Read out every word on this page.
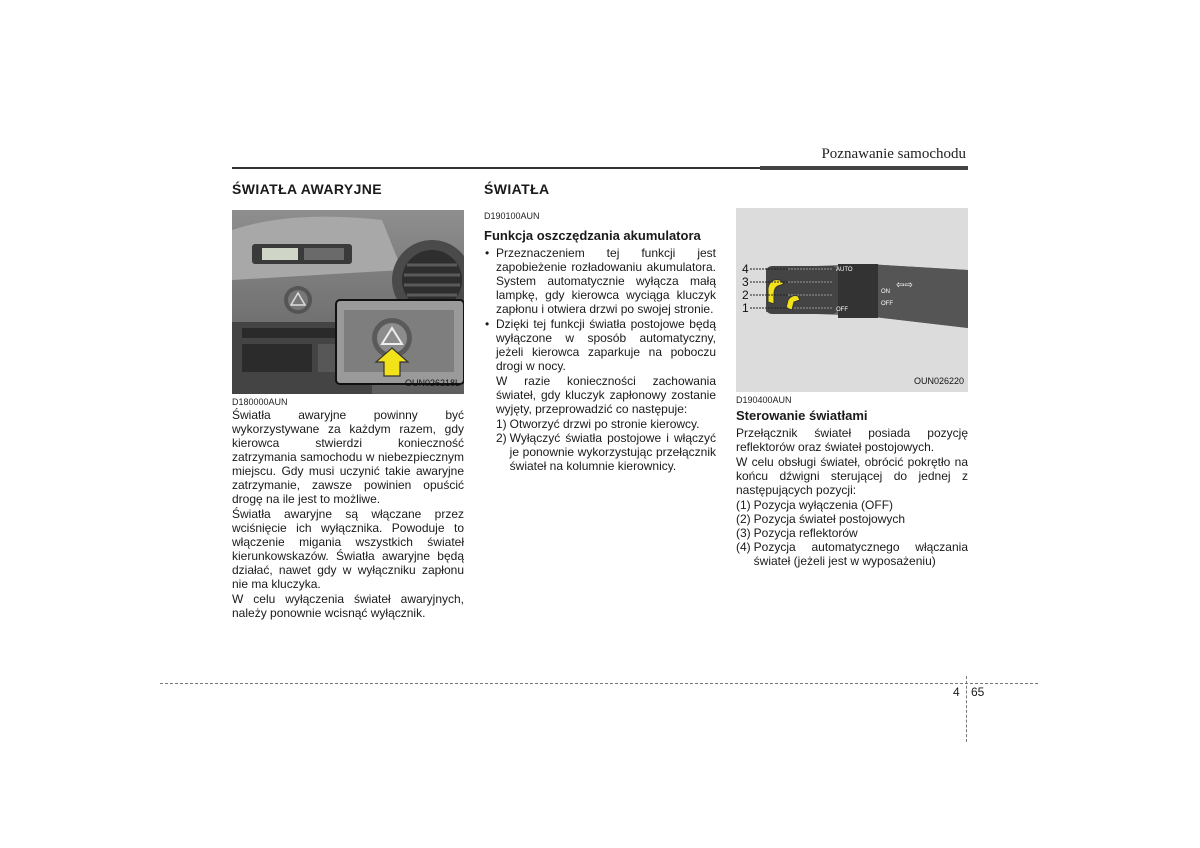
Poznawanie samochodu
ŚWIATŁA AWARYJNE
OUN026218L
D180000AUN

Światła awaryjne powinny być wykorzystywane za każdym razem, gdy kierowca stwierdzi konieczność zatrzymania samochodu w niebezpiecznym miejscu. Gdy musi uczynić takie awaryjne zatrzymanie, zawsze powinien opuścić drogę na ile jest to możliwe.

Światła awaryjne są włączane przez wciśnięcie ich wyłącznika. Powoduje to włączenie migania wszystkich świateł kierunkowskazów. Światła awaryjne będą działać, nawet gdy w wyłączniku zapłonu nie ma kluczyka.

W celu wyłączenia świateł awaryjnych, należy ponownie wcisnąć wyłącznik.

ŚWIATŁA
D190100AUN
Funkcja oszczędzania akumulatora
• Przeznaczeniem tej funkcji jest zapobieżenie rozładowaniu akumulatora. System automatycznie wyłącza małą lampkę, gdy kierowca wyciąga kluczyk zapłonu i otwiera drzwi po swojej stronie.
• Dzięki tej funkcji światła postojowe będą wyłączone w sposób automatyczny, jeżeli kierowca zaparkuje na poboczu drogi w nocy.

W razie konieczności zachowania świateł, gdy kluczyk zapłonowy zostanie wyjęty, przeprowadzić co następuje:

1) Otworzyć drzwi po stronie kierowcy.
2) Wyłączyć światła postojowe i włączyć je ponownie wykorzystując przełącznik świateł na kolumnie kierownicy.
AUTO
OFF
ON
OFF
⇦⇨
4
3
2
1
OUN026220
D190400AUN
Sterowanie światłami

Przełącznik świateł posiada pozycję reflektorów oraz świateł postojowych.

W celu obsługi świateł, obrócić pokrętło na końcu dźwigni sterującej do jednej z następujących pozycji:

(1) Pozycja wyłączenia (OFF)
(2) Pozycja świateł postojowych
(3) Pozycja reflektorów
(4) Pozycja automatycznego włączania świateł (jeżeli jest w wyposażeniu)
4 65
